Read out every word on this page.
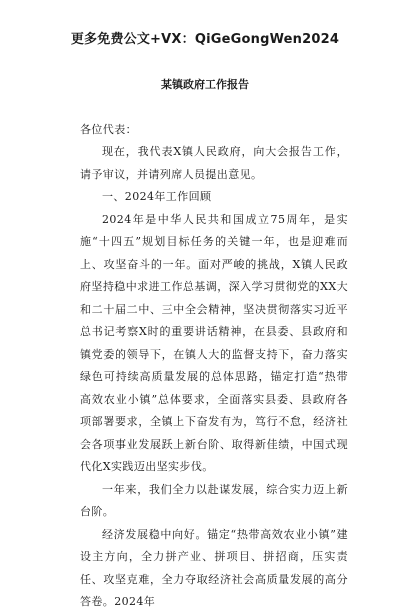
更多免费公文+VX：QiGeGongWen2024
某镇政府工作报告
各位代表：

现在，我代表X镇人民政府，向大会报告工作，请予审议，并请列席人员提出意见。

一、2024年工作回顾

2024年是中华人民共和国成立75周年，是实施“十四五”规划目标任务的关键一年，也是迎难而上、攻坚奋斗的一年。面对严峻的挑战，X镇人民政府坚持稳中求进工作总基调，深入学习贯彻党的XX大和二十届二中、三中全会精神，坚决贯彻落实习近平总书记考察X时的重要讲话精神，在县委、县政府和镇党委的领导下，在镇人大的监督支持下，奋力落实绿色可持续高质量发展的总体思路，锚定打造“热带高效农业小镇”总体要求，全面落实县委、县政府各项部署要求，全镇上下奋发有为，笃行不怠，经济社会各项事业发展跃上新台阶、取得新佳绩，中国式现代化X实践迈出坚实步伐。

一年来，我们全力以赴谋发展，综合实力迈上新台阶。

经济发展稳中向好。锚定“热带高效农业小镇”建设主方向，全力拼产业、拼项目、拼招商，压实责任、攻坚克难，全力夺取经济社会高质量发展的高分答卷。2024年
